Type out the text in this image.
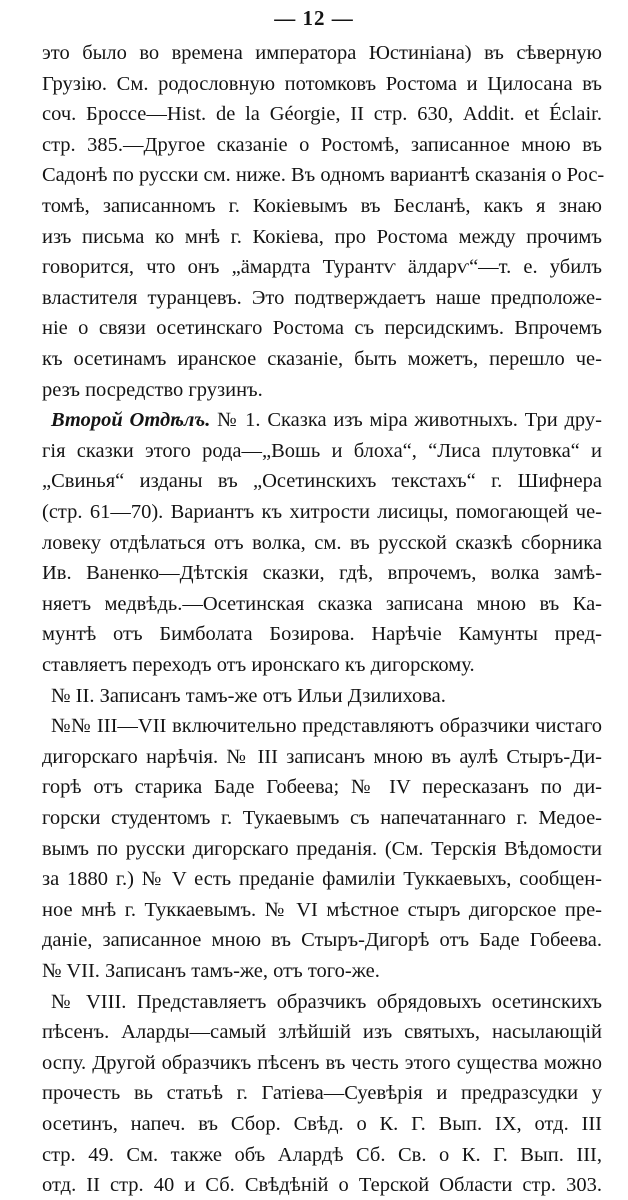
— 12 —
это было во времена императора Юстиніана) въ сѣверную
Грузію. См. родословную потомковъ Ростома и Цилосана въ
соч. Броссе—Hist. de la Géorgie, II стр. 630, Addit. et Éclair.
стр. 385.—Другое сказаніе о Ростомѣ, записанное мною въ
Садонѣ по русски см. ниже. Въ одномъ вариантѣ сказанія о Рос-
томѣ, записанномъ г. Кокіевымъ въ Бесланѣ, какъ я знаю
изъ письма ко мнѣ г. Кокіева, про Ростома между прочимъ
говорится, что онъ „ӓмардта Турантѵ ӓлдарѵ“—т. е. убилъ
властителя туранцевъ. Это подтверждаетъ наше предположе-
ніе о связи осетинскаго Ростома съ персидскимъ. Впрочемъ
къ осетинамъ иранское сказаніе, быть можетъ, перешло че-
резъ посредство грузинъ.
Второй Отдѣлъ. № 1. Сказка изъ міра животныхъ. Три дру-
гія сказки этого рода—„Вошь и блоха“, “Лиса плутовка“ и
„Свинья“ изданы въ „Осетинскихъ текстахъ“ г. Шифнера
(стр. 61—70). Вариантъ къ хитрости лисицы, помогающей че-
ловеку отдѣлаться отъ волка, см. въ русской сказкѣ сборника
Ив. Ваненко—Дѣтскія сказки, гдѣ, впрочемъ, волка замѣ-
няетъ медвѣдь.—Осетинская сказка записана мною въ Ка-
мунтѣ отъ Бимболата Бозирова. Нарѣчіе Камунты пред-
ставляетъ переходъ отъ иронскаго къ дигорскому.
№ II. Записанъ тамъ-же отъ Ильи Дзилихова.
№№ III—VII включительно представляютъ образчики чистаго
дигорскаго нарѣчія. № III записанъ мною въ аулѣ Стыръ-Ди-
горѣ отъ старика Баде Гобеева; № IV пересказанъ по ди-
горски студентомъ г. Тукаевымъ съ напечатаннаго г. Медое-
вымъ по русски дигорскаго преданія. (См. Терскія Вѣдомости
за 1880 г.) № V есть преданіе фамиліи Туккаевыхъ, сообщен-
ное мнѣ г. Туккаевымъ. № VI мѣстное стыръ дигорское пре-
даніе, записанное мною въ Стыръ-Дигорѣ отъ Баде Гобеева.
№ VII. Записанъ тамъ-же, отъ того-же.
№ VIII. Представляетъ образчикъ обрядовыхъ осетинскихъ
пѣсенъ. Аларды—самый злѣйшій изъ святыхъ, насылающій
оспу. Другой образчикъ пѣсенъ въ честь этого существа можно
прочесть вь статьѣ г. Гатіева—Суевѣрія и предразсудки у
осетинъ, напеч. въ Сбор. Свѣд. о К. Г. Вып. IX, отд. III
стр. 49. См. также объ Алардѣ Сб. Св. о К. Г. Вып. III,
отд. II стр. 40 и Сб. Свѣдѣній о Терской Области стр. 303.
